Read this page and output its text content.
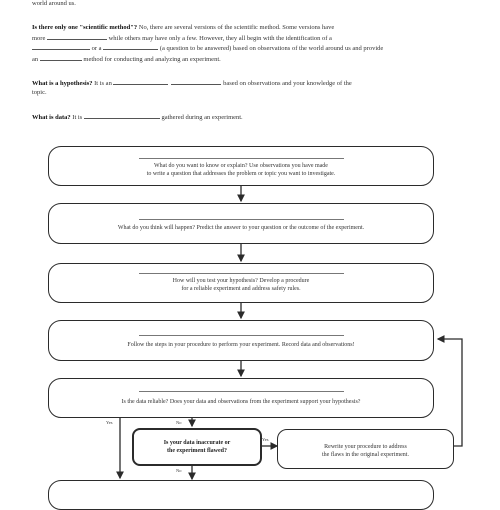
world around us.
Is there only one "scientific method"? No, there are several versions of the scientific method. Some versions have
more	while others may have only a few. However, they all begin with the identification of a
or a	(a question to be answered) based on observations of the world around us and provide
an	method for conducting and analyzing an experiment.
What is a hypothesis? It is an	based on observations and your knowledge of the
topic.
What is data? It is	gathered during an experiment.
What do you want to know or explain? Use observations you have made
to write a question that addresses the problem or topic you want to investigate.
What do you think will happen? Predict the answer to your question or the outcome of the experiment.
How will you test your hypothesis? Develop a procedure
for a reliable experiment and address safety rules.
Follow the steps in your procedure to perform your experiment. Record data and observations!
Is the data reliable? Does your data and observations from the experiment support your hypothesis?
Is your data inaccurate or
the experiment flawed?
Rewrite your procedure to address
the flaws in the original experiment.
Yes	No
Yes
No
